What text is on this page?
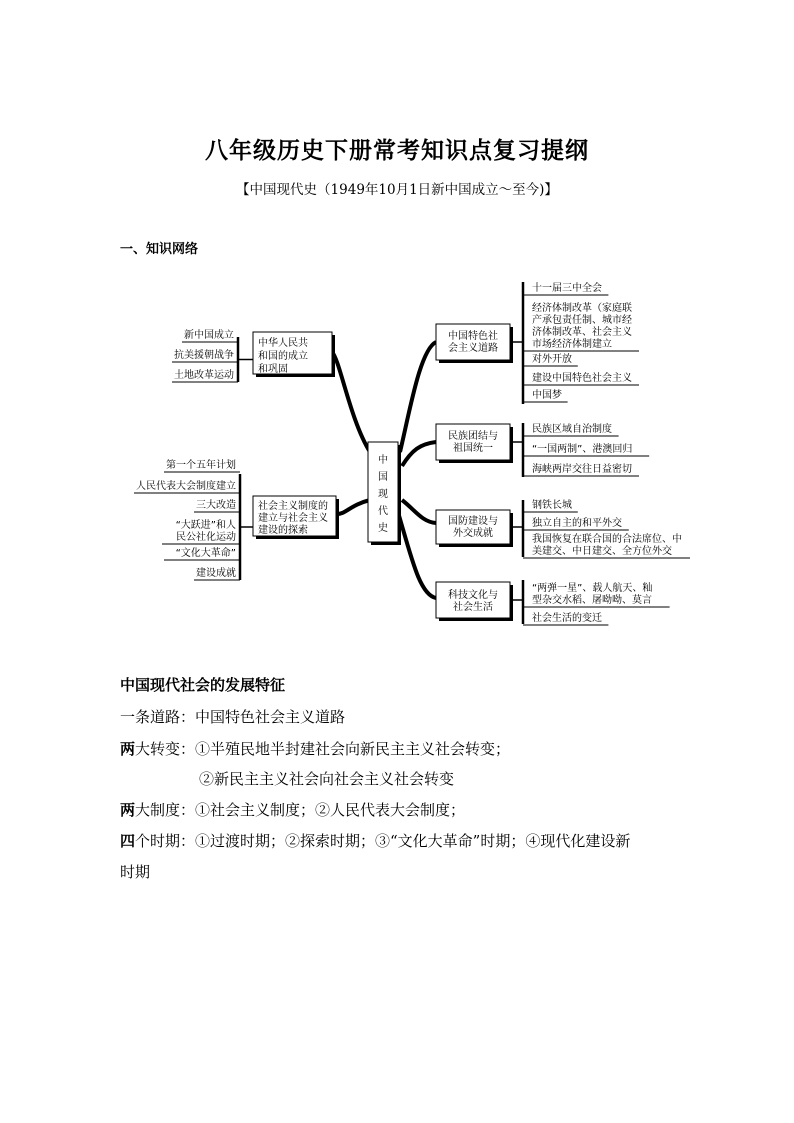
八年级历史下册常考知识点复习提纲
【中国现代史（1949年10月1日新中国成立～至今)】
一、知识网络
中国现代史
中华人民共和国的成立和巩固
新中国成立
抗美援朝战争
土地改革运动
社会主义制度的建立与社会主义建设的探索
第一个五年计划
人民代表大会制度建立
三大改造
“大跃进”和人民公社化运动
“文化大革命”
建设成就
中国特色社会主义道路
十一届三中全会
经济体制改革（家庭联产承包责任制、城市经济体制改革、社会主义市场经济体制建立
对外开放
建设中国特色社会主义
中国梦
民族团结与祖国统一
民族区域自治制度
“一国两制”、港澳回归
海峡两岸交往日益密切
国防建设与外交成就
钢铁长城
独立自主的和平外交
我国恢复在联合国的合法席位、中美建交、中日建交、全方位外交
科技文化与社会生活
“两弹一星”、载人航天、籼型杂交水稻、屠呦呦、莫言
社会生活的变迁
中国现代社会的发展特征
一条道路：中国特色社会主义道路
两大转变：①半殖民地半封建社会向新民主主义社会转变；
②新民主主义社会向社会主义社会转变
两大制度：①社会主义制度；②人民代表大会制度；
四个时期：①过渡时期；②探索时期；③“文化大革命”时期；④现代化建设新
时期
